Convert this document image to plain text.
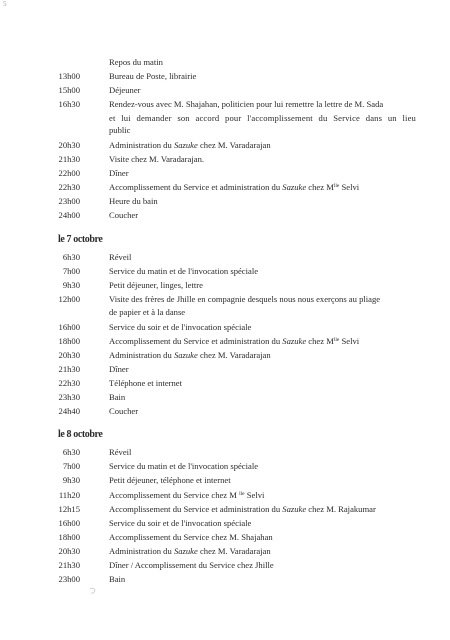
5
Repos du matin
13h00	Bureau de Poste, librairie
15h00	Déjeuner
16h30	Rendez-vous avec M. Shajahan, politicien pour lui remettre la lettre de M. Sada
et lui demander son accord pour l'accomplissement du Service dans un lieu
public
20h30	Administration du Sazuke chez M. Varadarajan
21h30	Visite chez M. Varadarajan.
22h00	Dîner
22h30	Accomplissement du Service et administration du Sazuke chez $M^{lle}$ Selvi
23h00	Heure du bain
24h00	Coucher
le 7 octobre
6h30	Réveil
7h00	Service du matin et de l'invocation spéciale
9h30	Petit déjeuner, linges, lettre
12h00	Visite des frères de Jhille en compagnie desquels nous nous exerçons au pliage
de papier et à la danse
16h00	Service du soir et de l'invocation spéciale
18h00	Accomplissement du Service et administration du Sazuke chez $M^{lle}$ Selvi
20h30	Administration du Sazuke chez M. Varadarajan
21h30	Dîner
22h30	Téléphone et internet
23h30	Bain
24h40	Coucher
le 8 octobre
6h30	Réveil
7h00	Service du matin et de l'invocation spéciale
9h30	Petit déjeuner, téléphone et internet
11h20	Accomplissement du Service chez M $^{lle}$ Selvi
12h15	Accomplissement du Service et administration du Sazuke chez M. Rajakumar
16h00	Service du soir et de l'invocation spéciale
18h00	Accomplissement du Service chez M. Shajahan
20h30	Administration du Sazuke chez M. Varadarajan
21h30	Dîner / Accomplissement du Service chez Jhille
23h00	Bain
